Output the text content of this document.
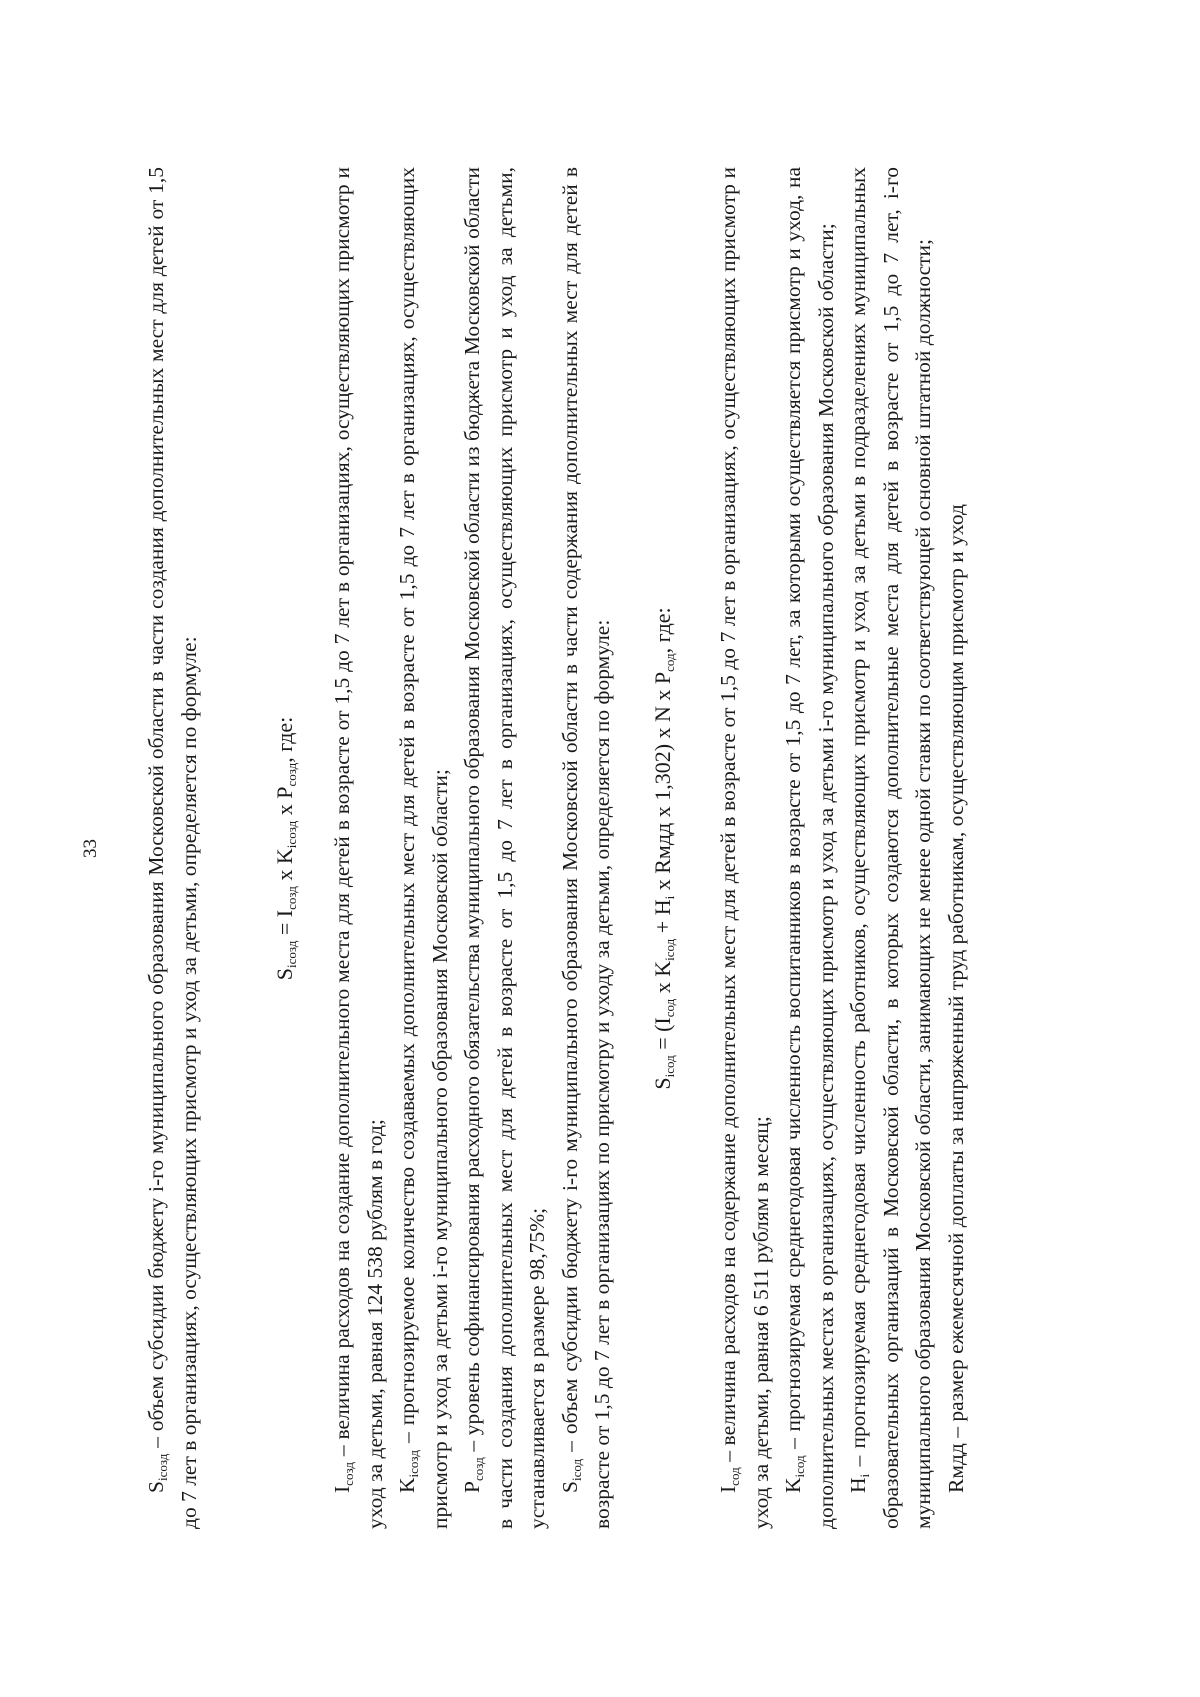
33

$S_{iсозд}$ – объем субсидии бюджету i-го муниципального образования Московской области в части создания дополнительных мест для детей от 1,5 до 7 лет в организациях, осуществляющих присмотр и уход за детьми, определяется по формуле:	$S_{iсозд} = I_{созд}$ x $K_{iсозд}$ x $P_{созд}$, где:

$I_{созд}$ – величина расходов на создание дополнительного места для детей в возрасте от 1,5 до 7 лет в организациях, осуществляющих присмотр и уход за детьми, равная 124 538 рублям в год; $K_{iсозд}$ – прогнозируемое количество создаваемых дополнительных мест для детей в возрасте от 1,5 до 7 лет в организациях, осуществляющих присмотр и уход за детьми i-го муниципального образования Московской области; $P_{созд}$ – уровень софинансирования расходного обязательства муниципального образования Московской области из бюджета Московской области в части создания дополнительных мест для детей в возрасте от 1,5 до 7 лет в организациях, осуществляющих присмотр и уход за детьми, устанавливается в размере 98,75%; $S_{iсод}$ – объем субсидии бюджету i-го муниципального образования Московской области в части содержания дополнительных мест для детей в возрасте от 1,5 до 7 лет в организациях по присмотру и уходу за детьми, определяется по формуле: $S_{iсод} = (I_{сод}$ x $K_{iсод} + H_i$ x Rмдд x 1,302) x N x $P_{сод}$, где:

$I_{сод}$ – величина расходов на содержание дополнительных мест для детей в возрасте от 1,5 до 7 лет в организациях, осуществляющих присмотр и уход за детьми, равная 6 511 рублям в месяц; $K_{iсод}$ – прогнозируемая среднегодовая численность воспитанников в возрасте от 1,5 до 7 лет, за которыми осуществляется присмотр и уход, на дополнительных местах в организациях, осуществляющих присмотр и уход за детьми i-го муниципального образования Московской области; $H_i$ – прогнозируемая среднегодовая численность работников, осуществляющих присмотр и уход за детьми в подразделениях муниципальных образовательных организаций в Московской области, в которых создаются дополнительные места для детей в возрасте от 1,5 до 7 лет, i-го муниципального образования Московской области, занимающих не менее одной ставки по соответствующей основной штатной должности; Rмдд – размер ежемесячной доплаты за напряженный труд работникам, осуществляющим присмотр и уход
